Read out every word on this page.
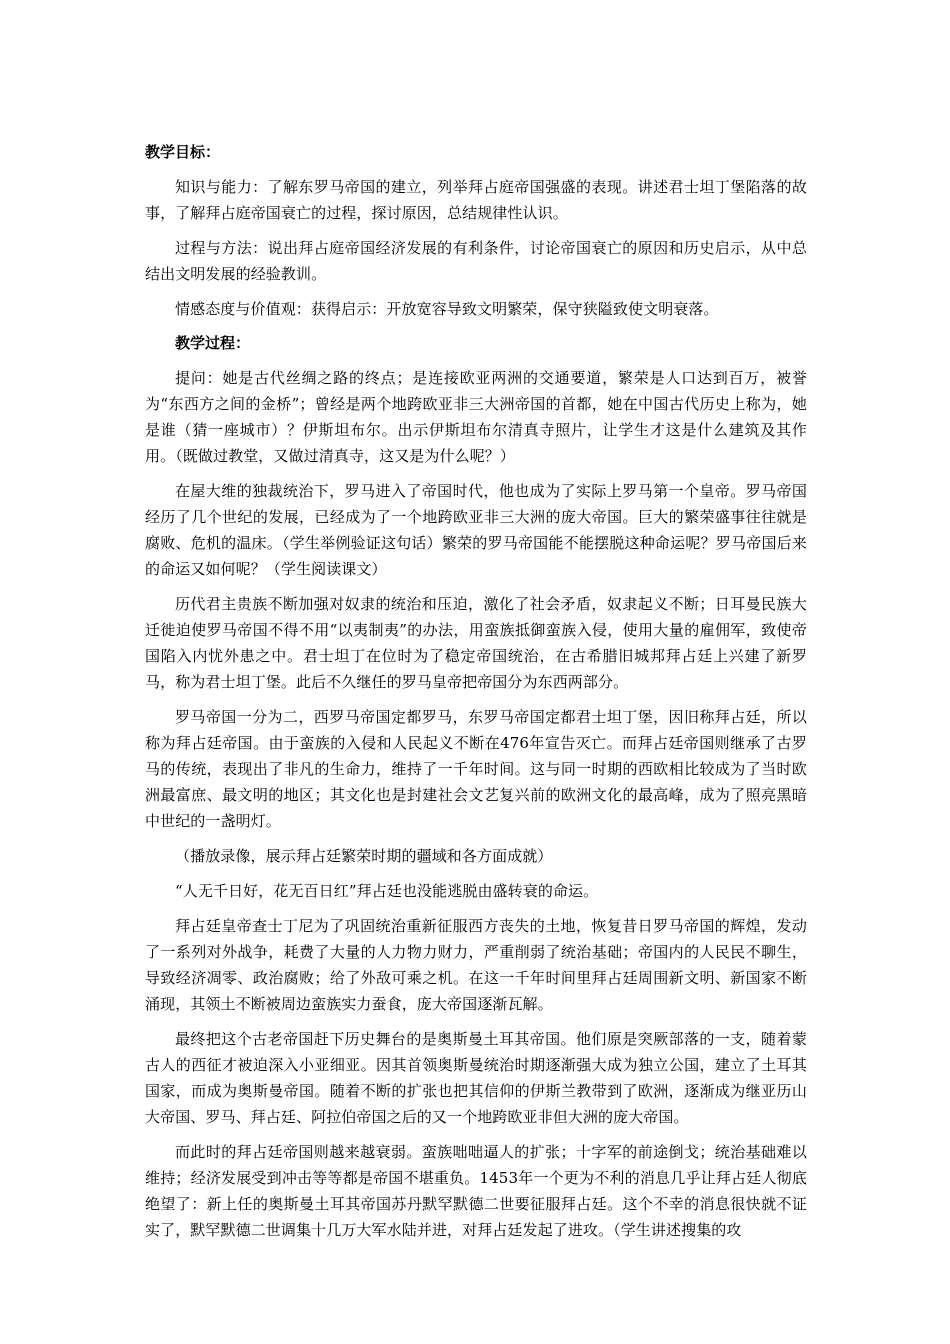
教学目标：

知识与能力：了解东罗马帝国的建立，列举拜占庭帝国强盛的表现。讲述君士坦丁堡陷落的故事，了解拜占庭帝国衰亡的过程，探讨原因，总结规律性认识。

过程与方法：说出拜占庭帝国经济发展的有利条件，讨论帝国衰亡的原因和历史启示，从中总结出文明发展的经验教训。

情感态度与价值观：获得启示：开放宽容导致文明繁荣，保守狭隘致使文明衰落。

教学过程：

提问：她是古代丝绸之路的终点；是连接欧亚两洲的交通要道，繁荣是人口达到百万，被誉为“东西方之间的金桥”；曾经是两个地跨欧亚非三大洲帝国的首都，她在中国古代历史上称为，她是谁（猜一座城市）？伊斯坦布尔。出示伊斯坦布尔清真寺照片，让学生才这是什么建筑及其作用。（既做过教堂，又做过清真寺，这又是为什么呢？）

在屋大维的独裁统治下，罗马进入了帝国时代，他也成为了实际上罗马第一个皇帝。罗马帝国经历了几个世纪的发展，已经成为了一个地跨欧亚非三大洲的庞大帝国。巨大的繁荣盛事往往就是腐败、危机的温床。（学生举例验证这句话）繁荣的罗马帝国能不能摆脱这种命运呢？罗马帝国后来的命运又如何呢？（学生阅读课文）

历代君主贵族不断加强对奴隶的统治和压迫，激化了社会矛盾，奴隶起义不断；日耳曼民族大迁徙迫使罗马帝国不得不用“以夷制夷”的办法，用蛮族抵御蛮族入侵，使用大量的雇佣军，致使帝国陷入内忧外患之中。君士坦丁在位时为了稳定帝国统治，在古希腊旧城邦拜占廷上兴建了新罗马，称为君士坦丁堡。此后不久继任的罗马皇帝把帝国分为东西两部分。

罗马帝国一分为二，西罗马帝国定都罗马，东罗马帝国定都君士坦丁堡，因旧称拜占廷，所以称为拜占廷帝国。由于蛮族的入侵和人民起义不断在476年宣告灭亡。而拜占廷帝国则继承了古罗马的传统，表现出了非凡的生命力，维持了一千年时间。这与同一时期的西欧相比较成为了当时欧洲最富庶、最文明的地区；其文化也是封建社会文艺复兴前的欧洲文化的最高峰，成为了照亮黑暗中世纪的一盏明灯。

（播放录像，展示拜占廷繁荣时期的疆域和各方面成就）

“人无千日好，花无百日红”拜占廷也没能逃脱由盛转衰的命运。

拜占廷皇帝查士丁尼为了巩固统治重新征服西方丧失的土地，恢复昔日罗马帝国的辉煌，发动了一系列对外战争，耗费了大量的人力物力财力，严重削弱了统治基础；帝国内的人民民不聊生，导致经济凋零、政治腐败；给了外敌可乘之机。在这一千年时间里拜占廷周围新文明、新国家不断涌现，其领土不断被周边蛮族实力蚕食，庞大帝国逐渐瓦解。

最终把这个古老帝国赶下历史舞台的是奥斯曼土耳其帝国。他们原是突厥部落的一支，随着蒙古人的西征才被迫深入小亚细亚。因其首领奥斯曼统治时期逐渐强大成为独立公国，建立了土耳其国家，而成为奥斯曼帝国。随着不断的扩张也把其信仰的伊斯兰教带到了欧洲，逐渐成为继亚历山大帝国、罗马、拜占廷、阿拉伯帝国之后的又一个地跨欧亚非但大洲的庞大帝国。

而此时的拜占廷帝国则越来越衰弱。蛮族咄咄逼人的扩张；十字军的前途倒戈；统治基础难以维持；经济发展受到冲击等等都是帝国不堪重负。1453年一个更为不利的消息几乎让拜占廷人彻底绝望了：新上任的奥斯曼土耳其帝国苏丹默罕默德二世要征服拜占廷。这个不幸的消息很快就不证实了，默罕默德二世调集十几万大军水陆并进，对拜占廷发起了进攻。（学生讲述搜集的攻
